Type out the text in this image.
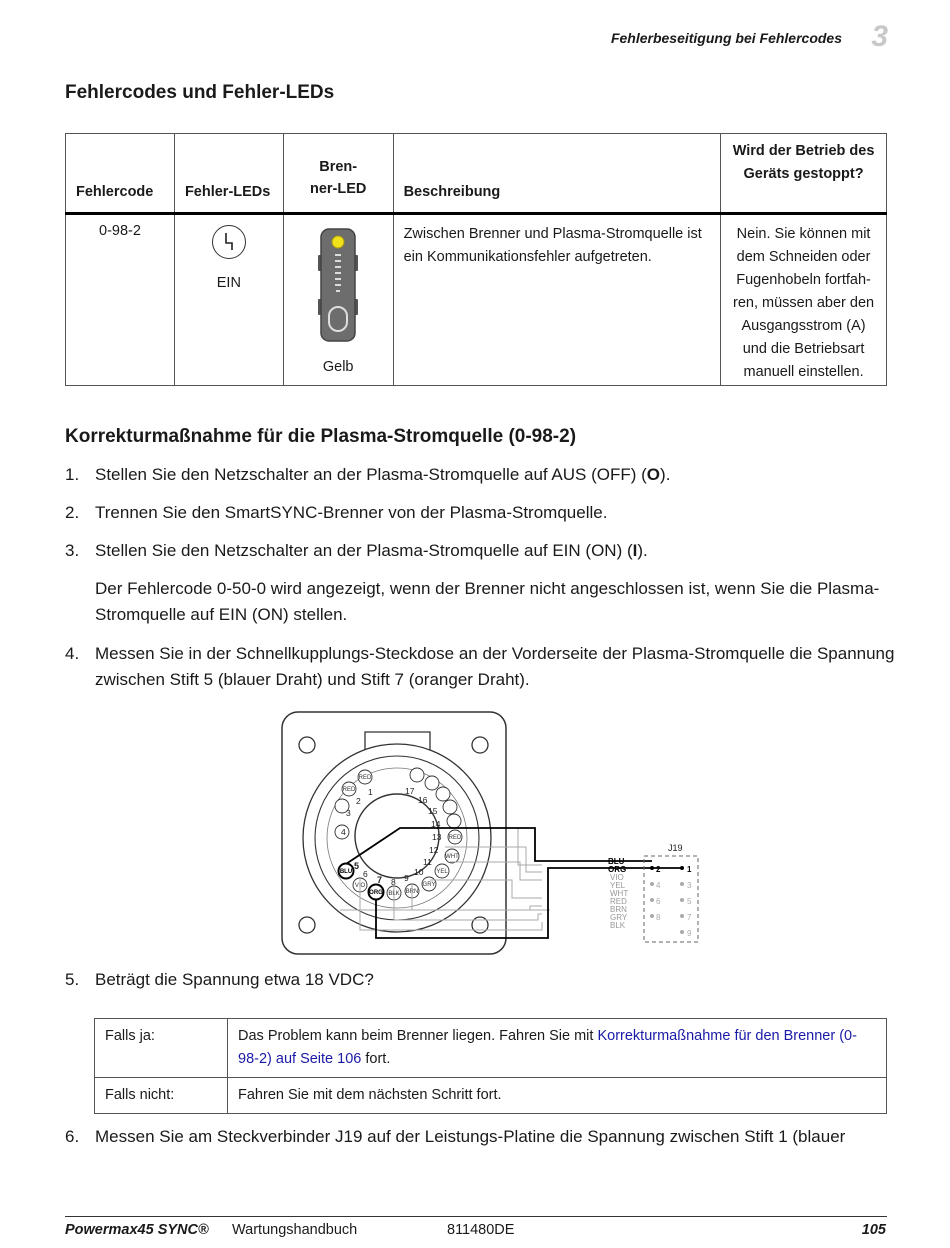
Fehlerbeseitigung bei Fehlercodes 3
Fehlercodes und Fehler-LEDs
Fehlercode	Fehler-LEDs	Bren-
ner-LED	Beschreibung	Wird der Betrieb des Geräts gestoppt?
0-98-2	EIN	Gelb	Zwischen Brenner und Plasma-Stromquelle ist ein Kommunikationsfehler aufgetreten.	Nein. Sie können mit dem Schneiden oder Fugenhobeln fortfah-ren, müssen aber den Ausgangsstrom (A) und die Betriebsart manuell einstellen.
Korrekturmaßnahme für die Plasma-Stromquelle (0-98-2)
1. Stellen Sie den Netzschalter an der Plasma-Stromquelle auf AUS (OFF) (O).
2. Trennen Sie den SmartSYNC-Brenner von der Plasma-Stromquelle.
3. Stellen Sie den Netzschalter an der Plasma-Stromquelle auf EIN (ON) (I).
Der Fehlercode 0-50-0 wird angezeigt, wenn der Brenner nicht angeschlossen ist, wenn Sie die Plasma-Stromquelle auf EIN (ON) stellen.
4. Messen Sie in der Schnellkupplungs-Steckdose an der Vorderseite der Plasma-Stromquelle die Spannung zwischen Stift 5 (blauer Draht) und Stift 7 (oranger Draht).
5. Beträgt die Spannung etwa 18 VDC?
6. Messen Sie am Steckverbinder J19 auf der Leistungs-Platine die Spannung zwischen Stift 1 (blauer
RED
RED
RED
WHT
YEL
GRY
BRN
BLK
VIO
BLU
ORG
1
2
3
4
5
6
7 8 9
10
11
12
13
14
15
16
17
BLU
ORG
VIO
YEL
WHT
RED
BRN
GRY
BLK
J19
2	1
4	3
6	5
8	7
9
Falls ja:	Das Problem kann beim Brenner liegen. Fahren Sie mit Korrekturmaßnahme für den Brenner (0-98-2) auf Seite 106 fort.
Falls nicht:	Fahren Sie mit dem nächsten Schritt fort.
Powermax45 SYNC® Wartungshandbuch	811480DE	105
